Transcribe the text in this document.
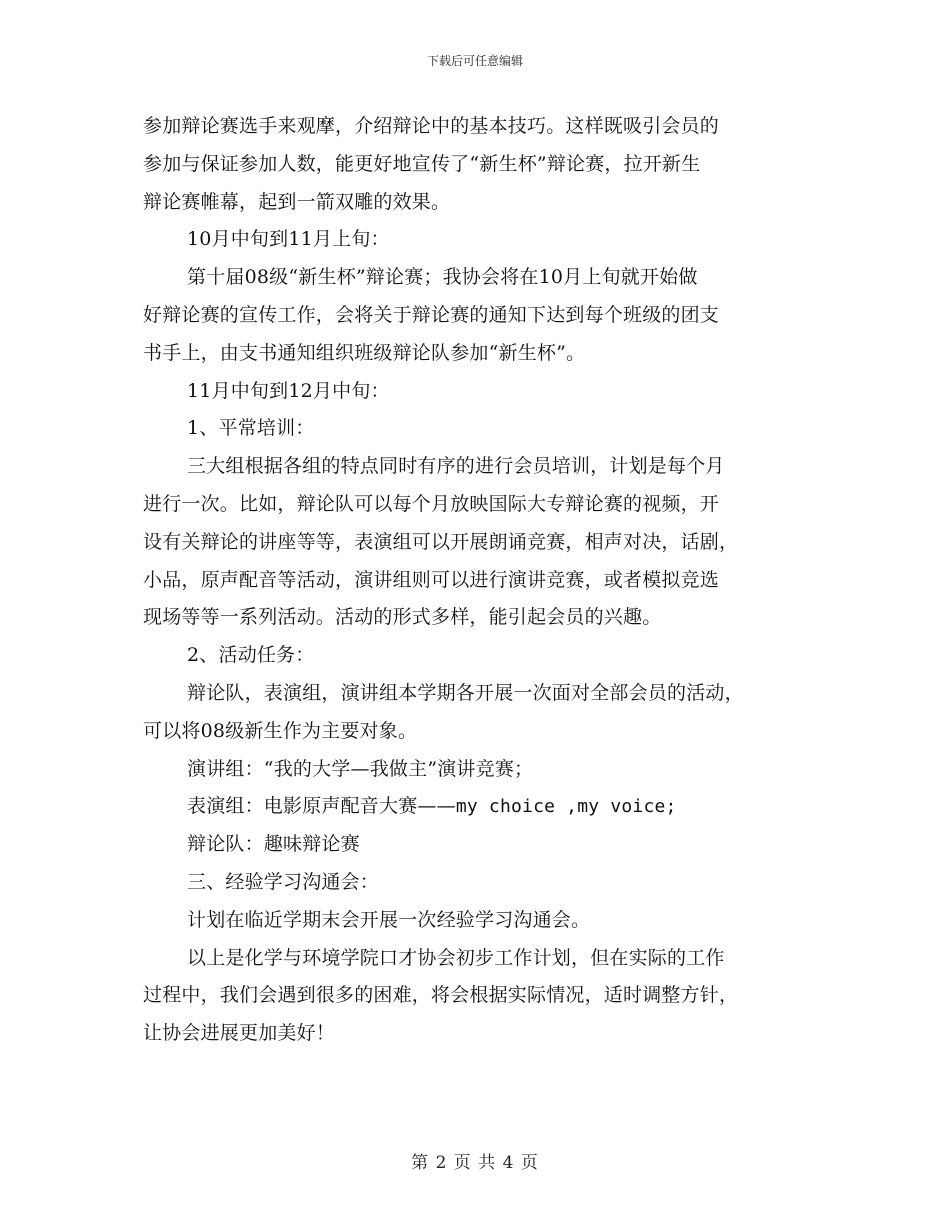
下载后可任意编辑
参加辩论赛选手来观摩，介绍辩论中的基本技巧。这样既吸引会员的
参加与保证参加人数，能更好地宣传了“新生杯”辩论赛，拉开新生
辩论赛帷幕，起到一箭双雕的效果。
10月中旬到11月上旬：
第十届08级“新生杯”辩论赛；我协会将在10月上旬就开始做
好辩论赛的宣传工作，会将关于辩论赛的通知下达到每个班级的团支
书手上，由支书通知组织班级辩论队参加“新生杯”。
11月中旬到12月中旬：
1、平常培训：
三大组根据各组的特点同时有序的进行会员培训，计划是每个月
进行一次。比如，辩论队可以每个月放映国际大专辩论赛的视频，开
设有关辩论的讲座等等，表演组可以开展朗诵竞赛，相声对决，话剧，
小品，原声配音等活动，演讲组则可以进行演讲竞赛，或者模拟竞选
现场等等一系列活动。活动的形式多样，能引起会员的兴趣。
2、活动任务：
辩论队，表演组，演讲组本学期各开展一次面对全部会员的活动，
可以将08级新生作为主要对象。
演讲组：“我的大学—我做主”演讲竞赛；
表演组：电影原声配音大赛——my choice ,my voice;
辩论队：趣味辩论赛
三、经验学习沟通会：
计划在临近学期末会开展一次经验学习沟通会。
以上是化学与环境学院口才协会初步工作计划，但在实际的工作
过程中，我们会遇到很多的困难，将会根据实际情况，适时调整方针，
让协会进展更加美好！
第 2 页 共 4 页
